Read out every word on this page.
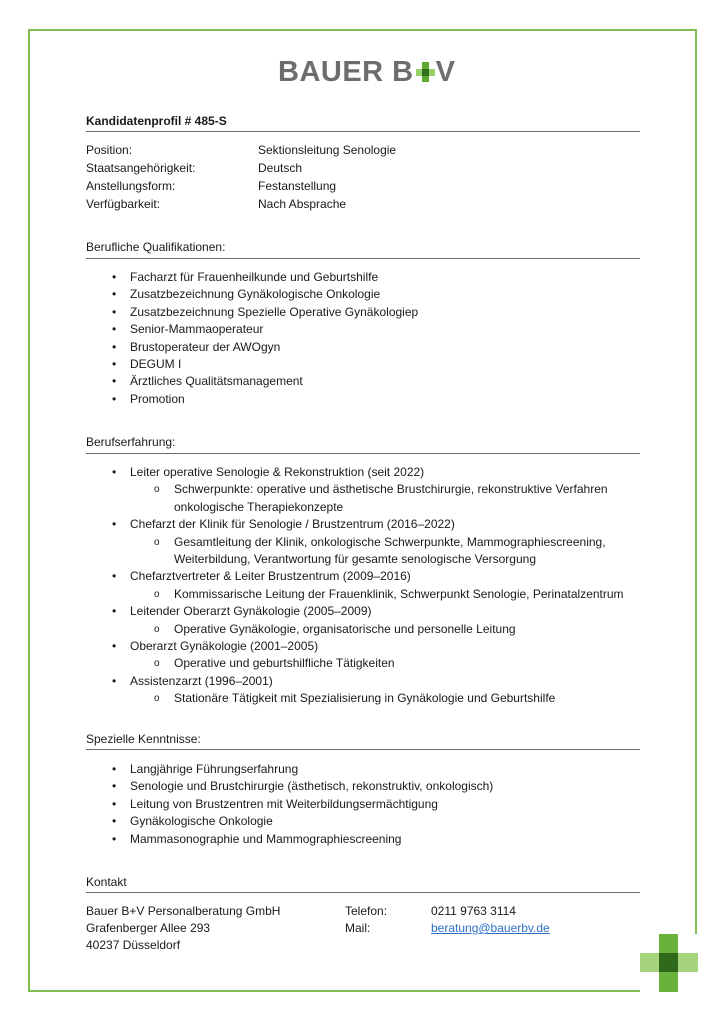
BAUER B V
Kandidatenprofil # 485-S
Position:	Sektionsleitung Senologie
Staatsangehörigkeit:	Deutsch
Anstellungsform:	Festanstellung
Verfügbarkeit:	Nach Absprache
Berufliche Qualifikationen:
• Facharzt für Frauenheilkunde und Geburtshilfe
• Zusatzbezeichnung Gynäkologische Onkologie
• Zusatzbezeichnung Spezielle Operative Gynäkologiep
• Senior-Mammaoperateur
• Brustoperateur der AWOgyn
• DEGUM I
• Ärztliches Qualitätsmanagement
• Promotion
Berufserfahrung:
• Leiter operative Senologie & Rekonstruktion (seit 2022)
o Schwerpunkte: operative und ästhetische Brustchirurgie, rekonstruktive Verfahren
onkologische Therapiekonzepte
• Chefarzt der Klinik für Senologie / Brustzentrum (2016–2022)
o Gesamtleitung der Klinik, onkologische Schwerpunkte, Mammographiescreening,
Weiterbildung, Verantwortung für gesamte senologische Versorgung
• Chefarztvertreter & Leiter Brustzentrum (2009–2016)
o Kommissarische Leitung der Frauenklinik, Schwerpunkt Senologie, Perinatalzentrum
• Leitender Oberarzt Gynäkologie (2005–2009)
o Operative Gynäkologie, organisatorische und personelle Leitung
• Oberarzt Gynäkologie (2001–2005)
o Operative und geburtshilfliche Tätigkeiten
• Assistenzarzt (1996–2001)
o Stationäre Tätigkeit mit Spezialisierung in Gynäkologie und Geburtshilfe
Spezielle Kenntnisse:
• Langjährige Führungserfahrung
• Senologie und Brustchirurgie (ästhetisch, rekonstruktiv, onkologisch)
• Leitung von Brustzentren mit Weiterbildungsermächtigung
• Gynäkologische Onkologie
• Mammasonographie und Mammographiescreening
Kontakt
Bauer B+V Personalberatung GmbH
Grafenberger Allee 293
40237 Düsseldorf
Telefon:	0211 9763 3114
Mail:	beratung@bauerbv.de
